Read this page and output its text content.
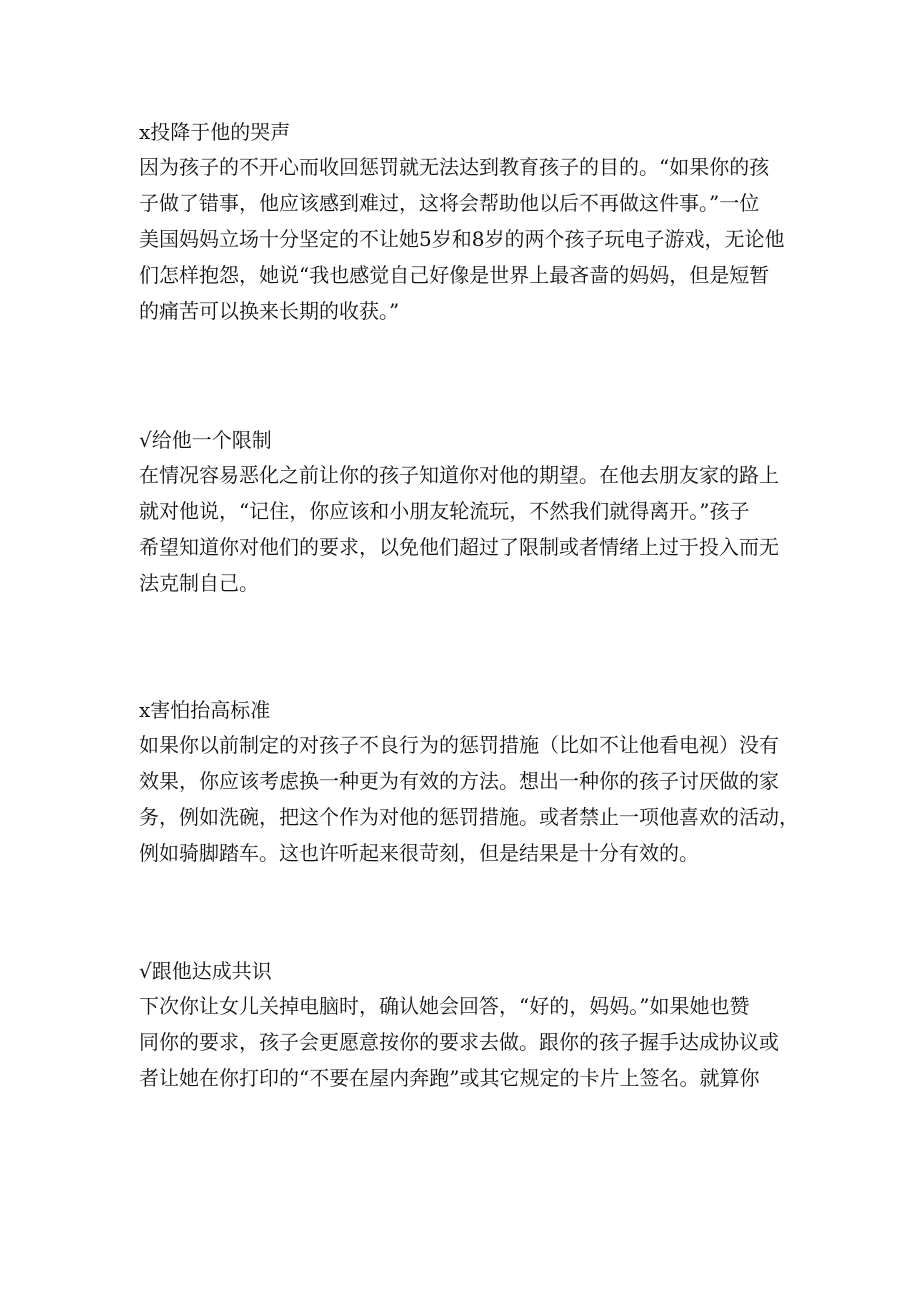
x投降于他的哭声

因为孩子的不开心而收回惩罚就无法达到教育孩子的目的。“如果你的孩
子做了错事，他应该感到难过，这将会帮助他以后不再做这件事。”一位
美国妈妈立场十分坚定的不让她5岁和8岁的两个孩子玩电子游戏，无论他
们怎样抱怨，她说“我也感觉自己好像是世界上最吝啬的妈妈，但是短暂
的痛苦可以换来长期的收获。”

√给他一个限制

在情况容易恶化之前让你的孩子知道你对他的期望。在他去朋友家的路上
就对他说，“记住，你应该和小朋友轮流玩，不然我们就得离开。”孩子
希望知道你对他们的要求，以免他们超过了限制或者情绪上过于投入而无
法克制自己。

x害怕抬高标准

如果你以前制定的对孩子不良行为的惩罚措施（比如不让他看电视）没有
效果，你应该考虑换一种更为有效的方法。想出一种你的孩子讨厌做的家
务，例如洗碗，把这个作为对他的惩罚措施。或者禁止一项他喜欢的活动，
例如骑脚踏车。这也许听起来很苛刻，但是结果是十分有效的。

√跟他达成共识

下次你让女儿关掉电脑时，确认她会回答，“好的，妈妈。”如果她也赞
同你的要求，孩子会更愿意按你的要求去做。跟你的孩子握手达成协议或
者让她在你打印的“不要在屋内奔跑”或其它规定的卡片上签名。就算你
